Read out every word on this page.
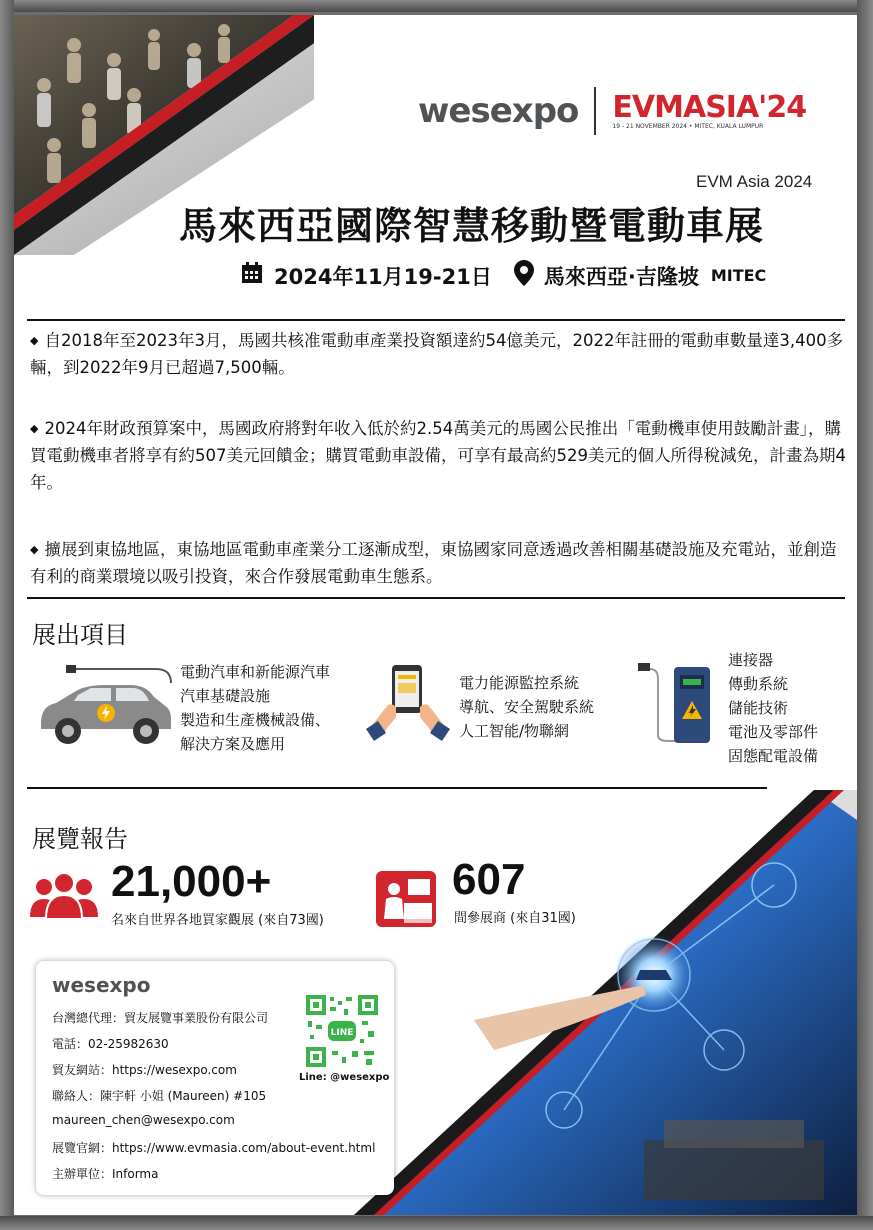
wesexpo EVMASIA'24
19 - 21 NOVEMBER 2024 • MITEC, KUALA LUMPUR
EVM Asia 2024
馬來西亞國際智慧移動暨電動車展
2024年11月19-21日 馬來西亞·吉隆坡 MITEC
◆ 自2018年至2023年3月，馬國共核准電動車產業投資額達約54億美元，2022年註冊的電動車數量達3,400多輛，到2022年9月已超過7,500輛。
◆ 2024年財政預算案中，馬國政府將對年收入低於約2.54萬美元的馬國公民推出「電動機車使用鼓勵計畫」，購買電動機車者將享有約507美元回饋金；購買電動車設備，可享有最高約529美元的個人所得稅減免，計畫為期4年。
◆ 擴展到東協地區，東協地區電動車產業分工逐漸成型，東協國家同意透過改善相關基礎設施及充電站，並創造有利的商業環境以吸引投資，來合作發展電動車生態系。
展出項目
電動汽車和新能源汽車
汽車基礎設施
製造和生產機械設備、
解決方案及應用
電力能源監控系統
導航、安全駕駛系統
人工智能/物聯網
連接器
傳動系統
儲能技術
電池及零部件
固態配電設備
展覽報告
21,000+
名來自世界各地買家觀展 (來自73國)
607
間參展商 (來自31國)
wesexpo
台灣總代理：貿友展覽事業股份有限公司
電話：02-25982630
貿友網站：https://wesexpo.com
聯絡人：陳宇軒 小姐 (Maureen) #105
maureen_chen@wesexpo.com
展覽官網：https://www.evmasia.com/about-event.html
主辦單位：Informa
LINE
Line: @wesexpo
